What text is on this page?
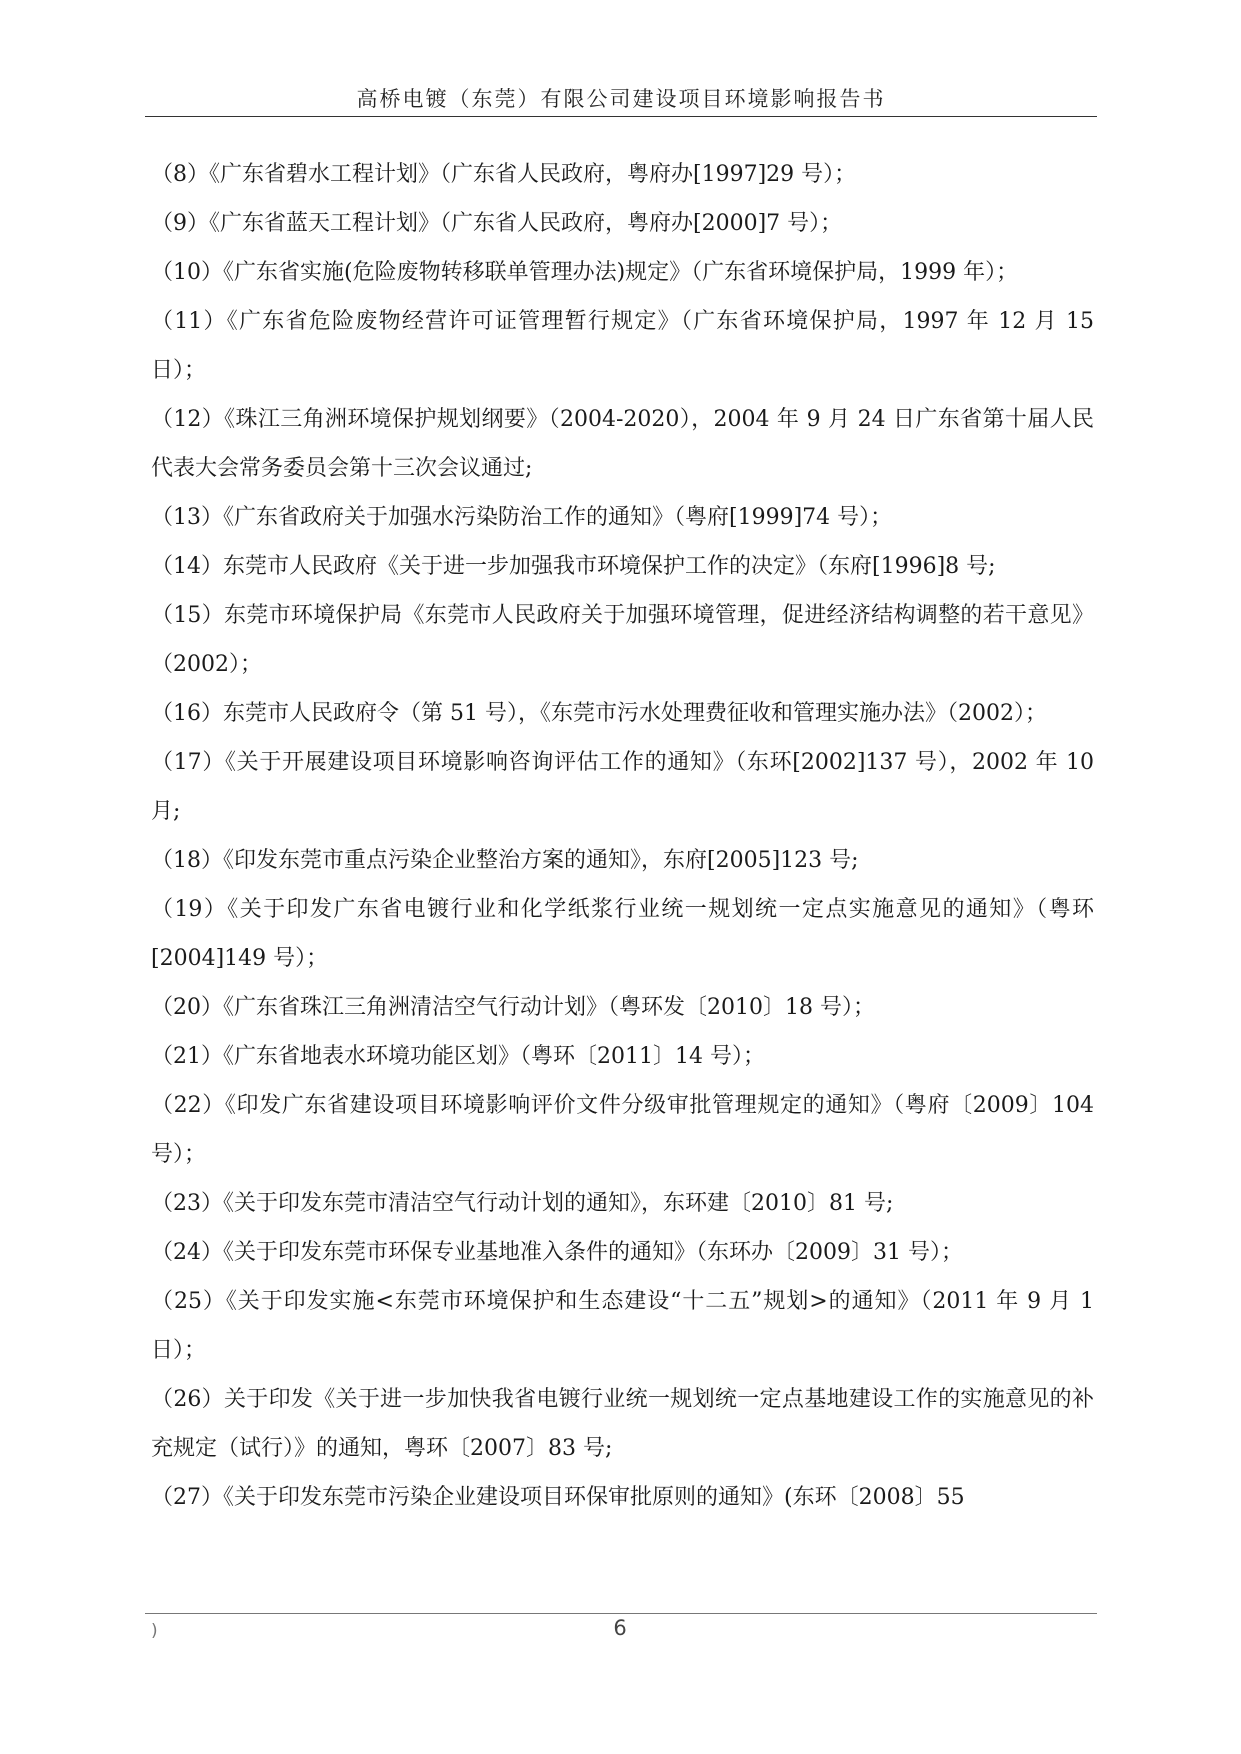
高桥电镀（东莞）有限公司建设项目环境影响报告书

（8）《广东省碧水工程计划》（广东省人民政府，粤府办[1997]29 号）；

（9）《广东省蓝天工程计划》（广东省人民政府，粤府办[2000]7 号）；

（10）《广东省实施(危险废物转移联单管理办法)规定》（广东省环境保护局，1999 年）；

（11）《广东省危险废物经营许可证管理暂行规定》（广东省环境保护局，1997 年 12 月 15 日）；

（12）《珠江三角洲环境保护规划纲要》（2004-2020），2004 年 9 月 24 日广东省第十届人民代表大会常务委员会第十三次会议通过;

（13）《广东省政府关于加强水污染防治工作的通知》（粤府[1999]74 号）；

（14）东莞市人民政府《关于进一步加强我市环境保护工作的决定》（东府[1996]8 号;

（15）东莞市环境保护局《东莞市人民政府关于加强环境管理，促进经济结构调整的若干意见》（2002）；

（16）东莞市人民政府令（第 51 号），《东莞市污水处理费征收和管理实施办法》（2002）；

（17）《关于开展建设项目环境影响咨询评估工作的通知》（东环[2002]137 号），2002 年 10 月;

（18）《印发东莞市重点污染企业整治方案的通知》，东府[2005]123 号;

（19）《关于印发广东省电镀行业和化学纸浆行业统一规划统一定点实施意见的通知》（粤环[2004]149 号）；

（20）《广东省珠江三角洲清洁空气行动计划》（粤环发〔2010〕18 号）；

（21）《广东省地表水环境功能区划》（粤环〔2011〕14 号）；

（22）《印发广东省建设项目环境影响评价文件分级审批管理规定的通知》（粤府〔2009〕104 号）；

（23）《关于印发东莞市清洁空气行动计划的通知》，东环建〔2010〕81 号;

（24）《关于印发东莞市环保专业基地准入条件的通知》（东环办〔2009〕31 号）；

（25）《关于印发实施<东莞市环境保护和生态建设“十二五”规划>的通知》（2011 年 9 月 1 日）；

（26）关于印发《关于进一步加快我省电镀行业统一规划统一定点基地建设工作的实施意见的补充规定（试行）》的通知，粤环〔2007〕83 号;

（27）《关于印发东莞市污染企业建设项目环保审批原则的通知》(东环〔2008〕55

)	6
